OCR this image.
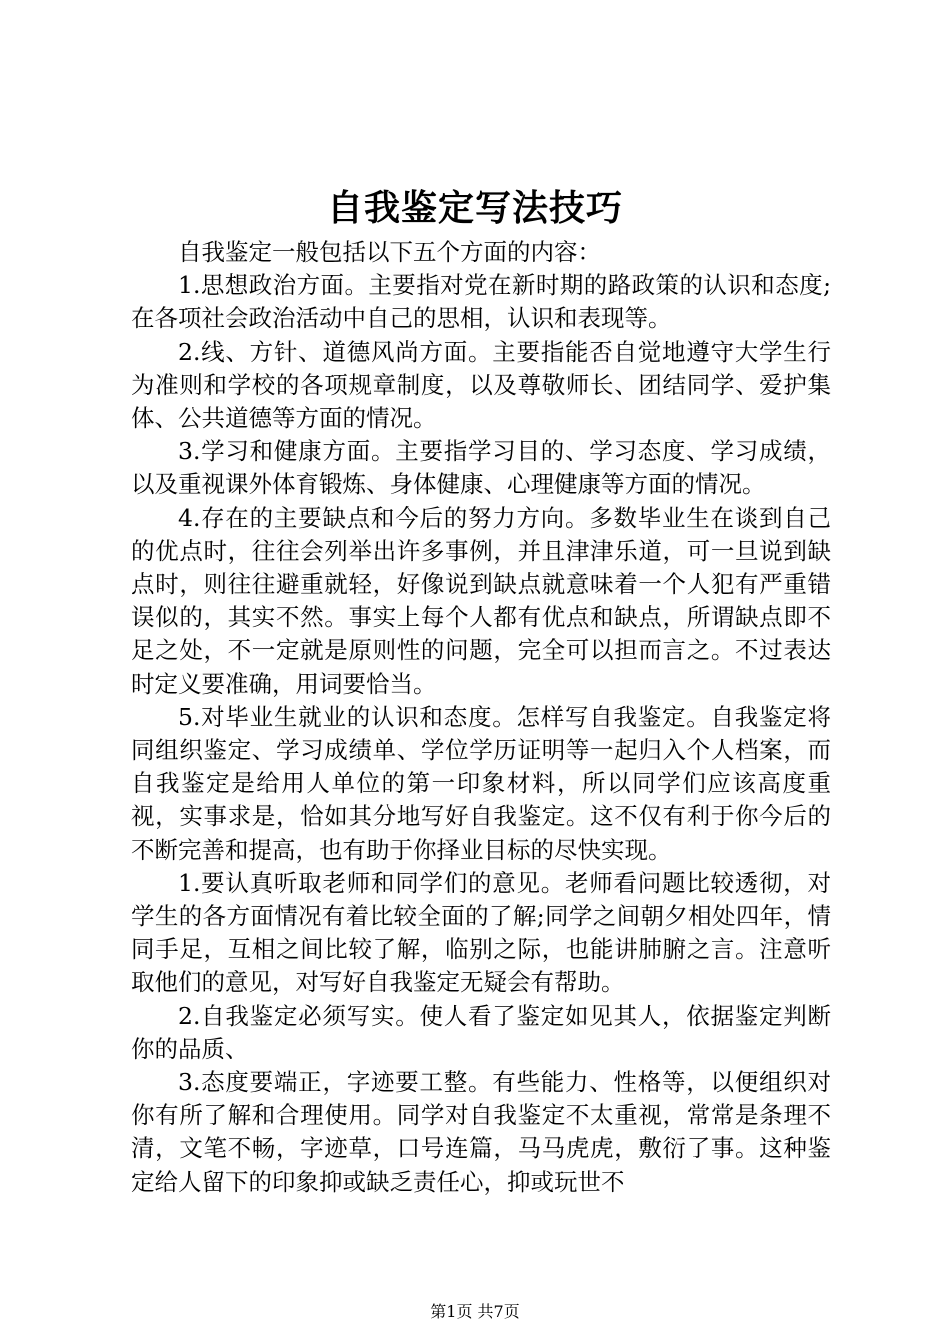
自我鉴定写法技巧

自我鉴定一般包括以下五个方面的内容：

1.思想政治方面。主要指对党在新时期的路政策的认识和态度;在各项社会政治活动中自己的思相，认识和表现等。

2.线、方针、道德风尚方面。主要指能否自觉地遵守大学生行为准则和学校的各项规章制度，以及尊敬师长、团结同学、爱护集体、公共道德等方面的情况。

3.学习和健康方面。主要指学习目的、学习态度、学习成绩，以及重视课外体育锻炼、身体健康、心理健康等方面的情况。

4.存在的主要缺点和今后的努力方向。多数毕业生在谈到自己的优点时，往往会列举出许多事例，并且津津乐道，可一旦说到缺点时，则往往避重就轻，好像说到缺点就意味着一个人犯有严重错误似的，其实不然。事实上每个人都有优点和缺点，所谓缺点即不足之处，不一定就是原则性的问题，完全可以担而言之。不过表达时定义要准确，用词要恰当。

5.对毕业生就业的认识和态度。怎样写自我鉴定。自我鉴定将同组织鉴定、学习成绩单、学位学历证明等一起归入个人档案，而自我鉴定是给用人单位的第一印象材料，所以同学们应该高度重视，实事求是，恰如其分地写好自我鉴定。这不仅有利于你今后的不断完善和提高，也有助于你择业目标的尽快实现。

1.要认真听取老师和同学们的意见。老师看问题比较透彻，对学生的各方面情况有着比较全面的了解;同学之间朝夕相处四年，情同手足，互相之间比较了解，临别之际，也能讲肺腑之言。注意听取他们的意见，对写好自我鉴定无疑会有帮助。

2.自我鉴定必须写实。使人看了鉴定如见其人，依据鉴定判断你的品质、

3.态度要端正，字迹要工整。有些能力、性格等，以便组织对你有所了解和合理使用。同学对自我鉴定不太重视，常常是条理不清，文笔不畅，字迹草，口号连篇，马马虎虎，敷衍了事。这种鉴定给人留下的印象抑或缺乏责任心，抑或玩世不

第1页 共7页
